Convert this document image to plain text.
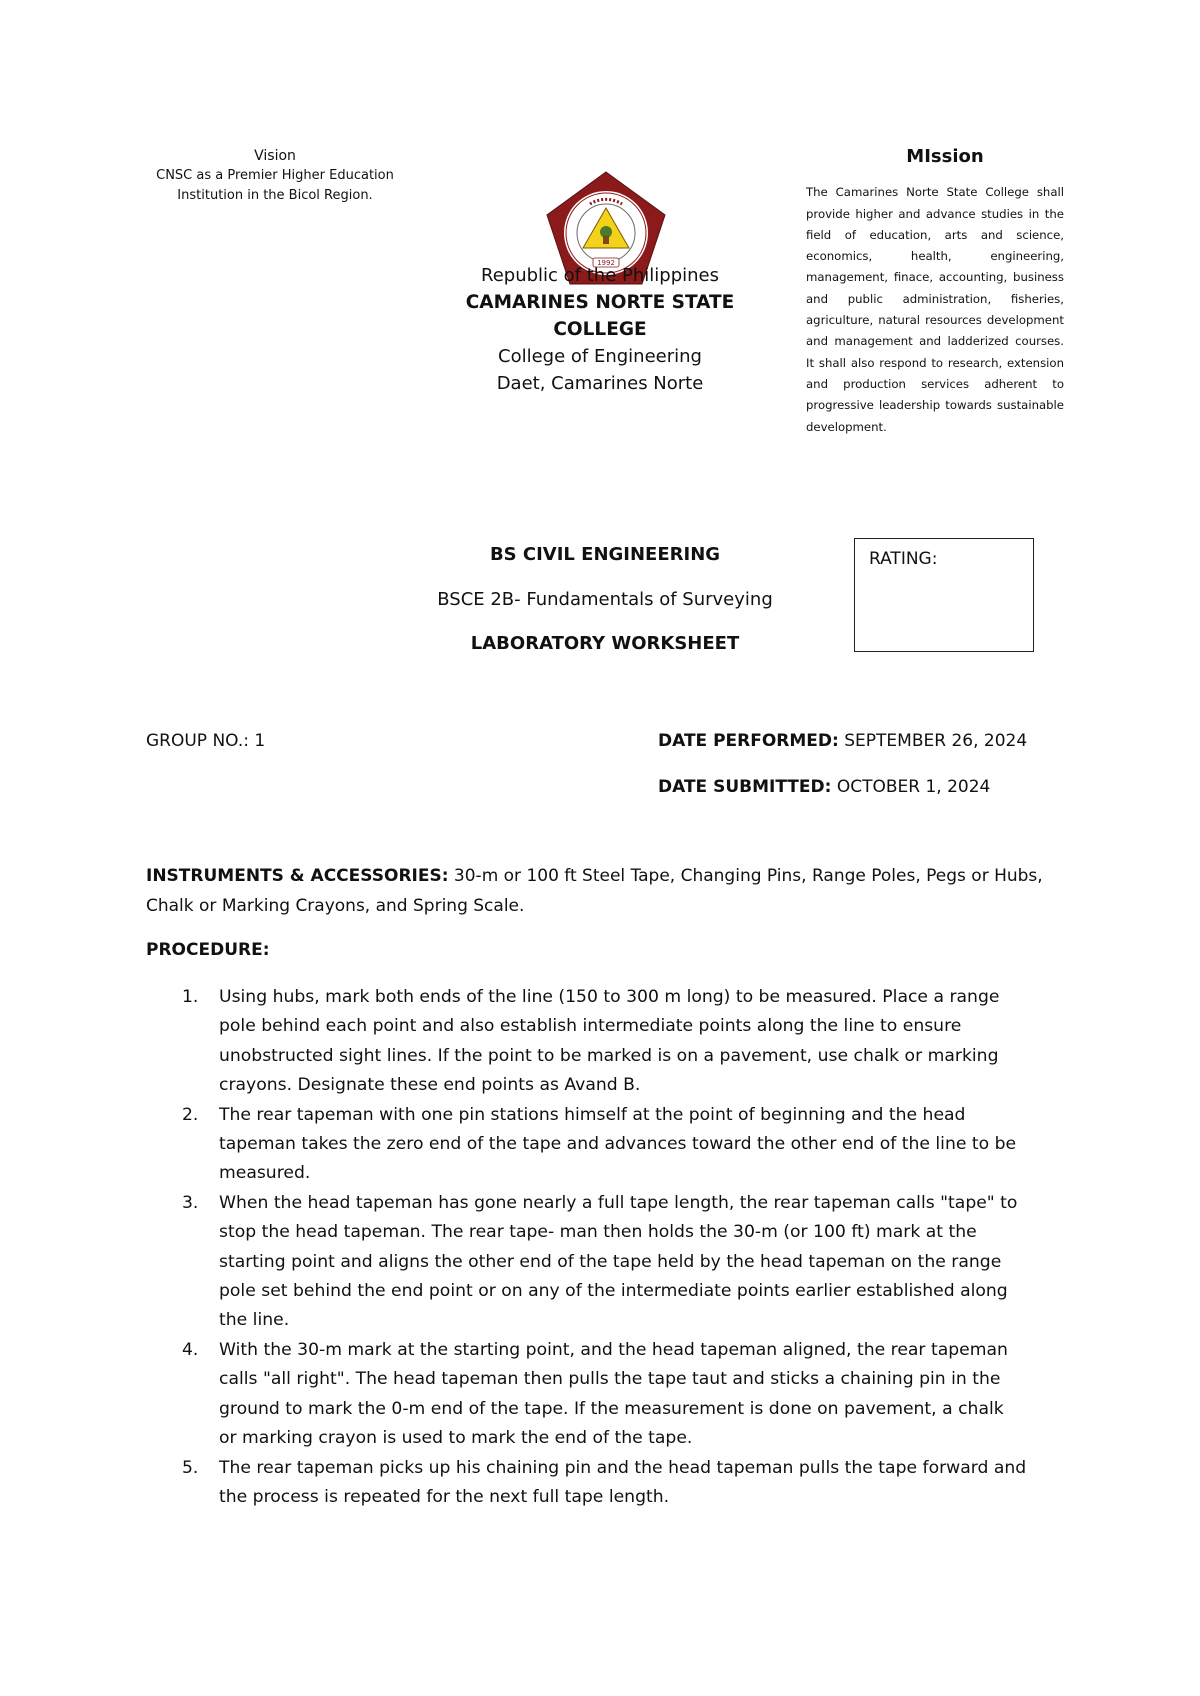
Vision
CNSC as a Premier Higher Education
Institution in the Bicol Region.
1992
Republic of the Philippines
CAMARINES NORTE STATE
COLLEGE
College of Engineering
Daet, Camarines Norte
MIssion

The Camarines Norte State College shall provide higher and advance studies in the field of education, arts and science, economics, health, engineering, management, finace, accounting, business and public administration, fisheries, agriculture, natural resources development and management and ladderized courses. It shall also respond to research, extension and production services adherent to progressive leadership towards sustainable development.

BS CIVIL ENGINEERING
BSCE 2B- Fundamentals of Surveying
LABORATORY WORKSHEET
RATING:
GROUP NO.: 1	DATE PERFORMED: SEPTEMBER 26, 2024
DATE SUBMITTED: OCTOBER 1, 2024
INSTRUMENTS & ACCESSORIES: 30-m or 100 ft Steel Tape, Changing Pins, Range Poles, Pegs or Hubs,
Chalk or Marking Crayons, and Spring Scale.
PROCEDURE:
1. Using hubs, mark both ends of the line (150 to 300 m long) to be measured. Place a range
pole behind each point and also establish intermediate points along the line to ensure
unobstructed sight lines. If the point to be marked is on a pavement, use chalk or marking
crayons. Designate these end points as Avand B.
2. The rear tapeman with one pin stations himself at the point of beginning and the head
tapeman takes the zero end of the tape and advances toward the other end of the line to be
measured.
3. When the head tapeman has gone nearly a full tape length, the rear tapeman calls "tape" to
stop the head tapeman. The rear tape- man then holds the 30-m (or 100 ft) mark at the
starting point and aligns the other end of the tape held by the head tapeman on the range
pole set behind the end point or on any of the intermediate points earlier established along
the line.
4. With the 30-m mark at the starting point, and the head tapeman aligned, the rear tapeman
calls "all right". The head tapeman then pulls the tape taut and sticks a chaining pin in the
ground to mark the 0-m end of the tape. If the measurement is done on pavement, a chalk
or marking crayon is used to mark the end of the tape.
5. The rear tapeman picks up his chaining pin and the head tapeman pulls the tape forward and
the process is repeated for the next full tape length.
